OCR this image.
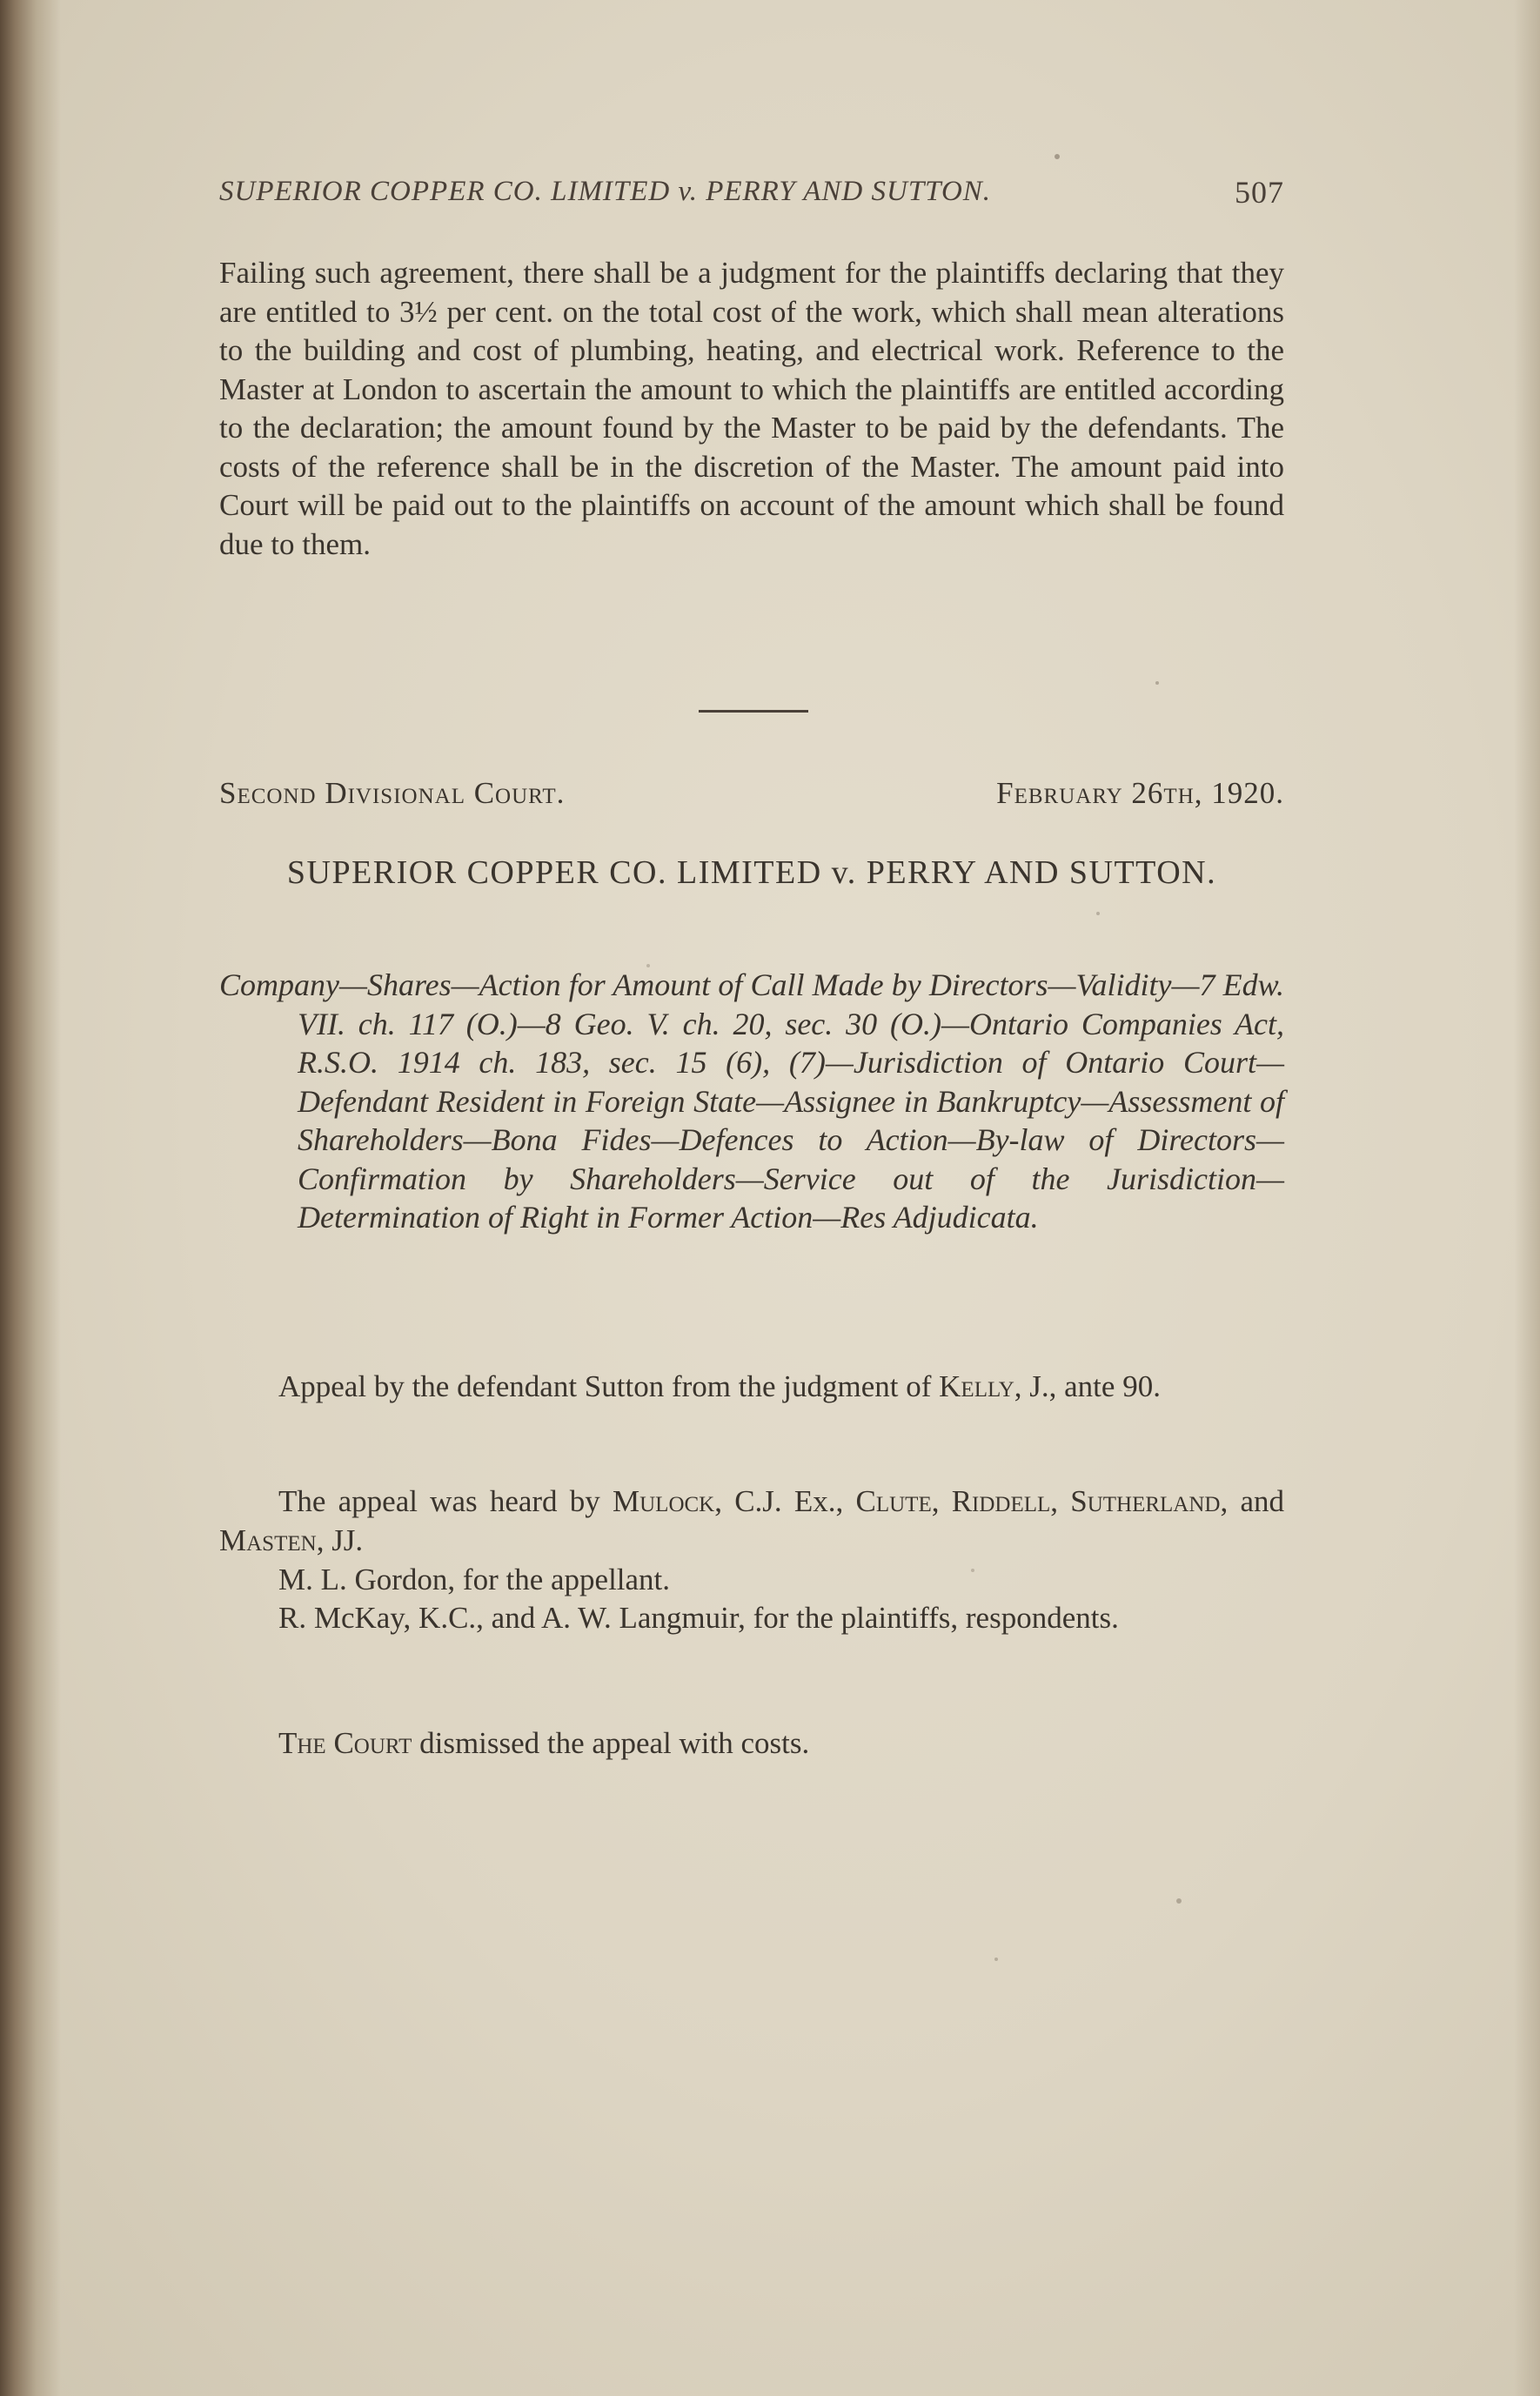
SUPERIOR COPPER CO. LIMITED v. PERRY AND SUTTON.	507
Failing such agreement, there shall be a judgment for the plaintiffs declaring that they are entitled to 3½ per cent. on the total cost of the work, which shall mean alterations to the building and cost of plumbing, heating, and electrical work. Reference to the Master at London to ascertain the amount to which the plaintiffs are entitled according to the declaration; the amount found by the Master to be paid by the defendants. The costs of the reference shall be in the discretion of the Master. The amount paid into Court will be paid out to the plaintiffs on account of the amount which shall be found due to them.
Second Divisional Court.	February 26th, 1920.
SUPERIOR COPPER CO. LIMITED v. PERRY AND SUTTON.
Company—Shares—Action for Amount of Call Made by Directors—Validity—7 Edw. VII. ch. 117 (O.)—8 Geo. V. ch. 20, sec. 30 (O.)—Ontario Companies Act, R.S.O. 1914 ch. 183, sec. 15 (6), (7)—Jurisdiction of Ontario Court—Defendant Resident in Foreign State—Assignee in Bankruptcy—Assessment of Shareholders—Bona Fides—Defences to Action—By-law of Directors—Confirmation by Shareholders—Service out of the Jurisdiction—Determination of Right in Former Action—Res Adjudicata.
Appeal by the defendant Sutton from the judgment of Kelly, J., ante 90.
The appeal was heard by Mulock, C.J. Ex., Clute, Riddell, Sutherland, and Masten, JJ.
M. L. Gordon, for the appellant.
R. McKay, K.C., and A. W. Langmuir, for the plaintiffs, respondents.
The Court dismissed the appeal with costs.
